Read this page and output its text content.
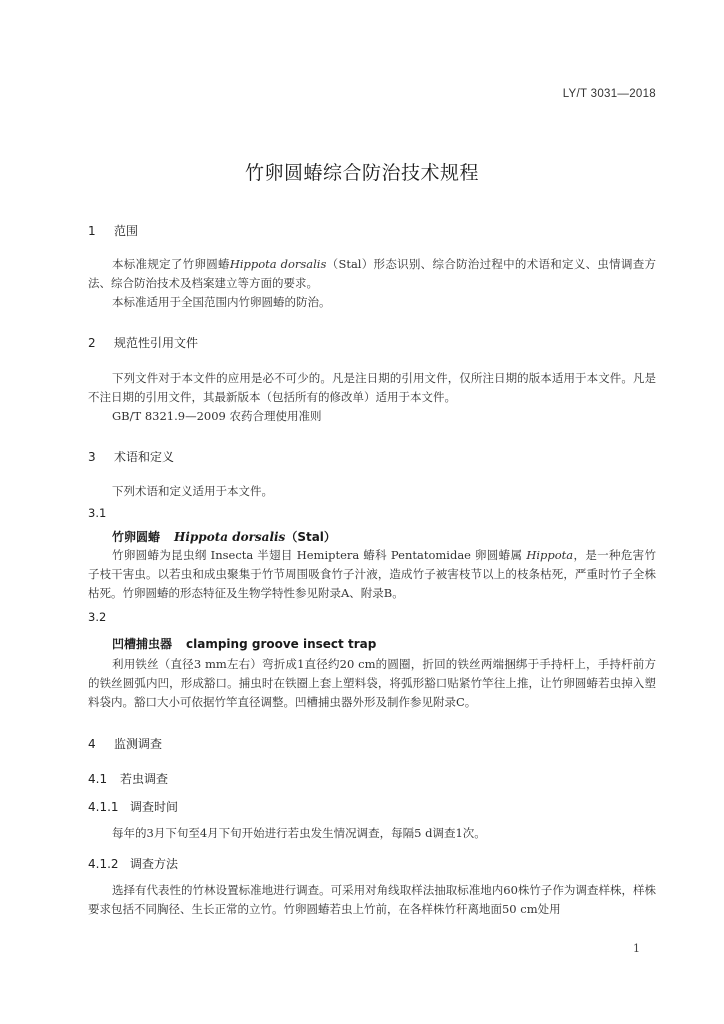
LY/T 3031—2018
竹卵圆蝽综合防治技术规程
1 范围
本标准规定了竹卵圆蝽Hippota dorsalis（Stal）形态识别、综合防治过程中的术语和定义、虫情调查方法、综合防治技术及档案建立等方面的要求。
本标准适用于全国范围内竹卵圆蝽的防治。
2 规范性引用文件
下列文件对于本文件的应用是必不可少的。凡是注日期的引用文件，仅所注日期的版本适用于本文件。凡是不注日期的引用文件，其最新版本（包括所有的修改单）适用于本文件。
GB/T 8321.9—2009 农药合理使用准则
3 术语和定义
下列术语和定义适用于本文件。
3.1
竹卵圆蝽 Hippota dorsalis（Stal）
竹卵圆蝽为昆虫纲 Insecta 半翅目 Hemiptera 蝽科 Pentatomidae 卵圆蝽属 Hippota，是一种危害竹子枝干害虫。以若虫和成虫聚集于竹节周围吸食竹子汁液，造成竹子被害枝节以上的枝条枯死，严重时竹子全株枯死。竹卵圆蝽的形态特征及生物学特性参见附录A、附录B。
3.2
凹槽捕虫器 clamping groove insect trap
利用铁丝（直径3 mm左右）弯折成1直径约20 cm的圆圈，折回的铁丝两端捆绑于手持杆上，手持杆前方的铁丝圆弧内凹，形成豁口。捕虫时在铁圈上套上塑料袋，将弧形豁口贴紧竹竿往上推，让竹卵圆蝽若虫掉入塑料袋内。豁口大小可依据竹竿直径调整。凹槽捕虫器外形及制作参见附录C。
4 监测调查
4.1 若虫调查
4.1.1 调查时间
每年的3月下旬至4月下旬开始进行若虫发生情况调查，每隔5 d调查1次。
4.1.2 调查方法
选择有代表性的竹林设置标准地进行调查。可采用对角线取样法抽取标准地内60株竹子作为调查样株，样株要求包括不同胸径、生长正常的立竹。竹卵圆蝽若虫上竹前，在各样株竹秆离地面50 cm处用
1
